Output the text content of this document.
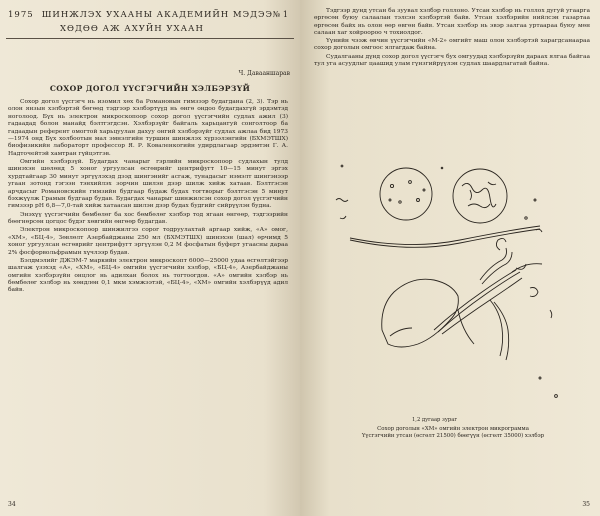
1975 ШИНЖЛЭХ УХААНЫ АКАДЕМИЙН МЭДЭЭ № 1
ХӨДӨӨ АЖ АХУЙН УХААН
Ч. Давааншарав
СОХОР ДОГОЛ ҮҮСГЭГЧИЙН ХЭЛБЭРЗҮЙ

Сохор догол үүсгэгч нь изомил хөх ба Романовын гимзээр будагдана (2, 3). Тэр нь олон янзын хэлбэртэй бөгөөд тэдгээр хэлбэртүүд нь өнгө ондоо будагдахгүй эрдэмтэд ноголоод. Бүх нь электрон микроскопоор сохор догол үүсгэгчийн судлах ажил (3) гадаадад болон манайд бэлтгэгдсэн. Хэлбэрзүйг байгаль харьцангуй сонголтоор ба гадаадын референт омогтой харьцуулан дахуу онгий хэлбэрзүйг судлах ажлаа бид 1973—1974 онд Бүх холбоотын мал эмнэлгийн туршин шинжлэх хүрээлэнгийн (БХМЭТШХ) биофизикийн лабораторт профессор Я. Р. Коваленкогийн удирдлагаар эрдэмтэн Г. А. Надточейтэй хамтран гүйцэтгэв.

Омгийн хэлбэрзүй. Будагдах чанарыг гэрлийн микроскопоор судлахын тулд шинэхэн шөлөнд 5 хоног ургуулсан өсгөврийг центрифугт 10—15 минут эргэх хурдтайгаар 30 минут эргүүлэхэд дээд шингэнийг асгаж, тунадасыг нэмэлт шингэнээр угаан зотонд гэгээн тэнхийлэх зорчин шилэн дээр шилж хийж хатаав. Бэлтгэсэн арчдасыг Романовскийн гимзийн будгаар будаж будах тогтворыг бэлтгэсэн 5 минут бэхжүүлж Грамын будгаар будав. Будагдах чанарыг шинжилсэн сохор догол үүсгэгчийн гимзээр рН 6,8—7,0-тай хийж хатаасан шилэн дээр будах будгийг сийрүүлэн будна.

Энэхүү үүсгэгчийн бөмбөлөг ба хос бөмбөлөг хэлбэр тод ягаан өнгөөр, тэдгээрийн бөөгнөрсөн цогцос бүдэг хөвгийн өнгөөр будагдав.

Электрон микроскопоор шинжилгээ сорог тодруулахтай аргаар хийж, «А» омог, «ХМ», «БЦ-4», Зөвлөлт Азербайджаны 250 мл (БХМЭТШХ) шинэхэн (шал) өрчимд 5 хоног ургуулсан өсгөврийг центрифугт эргүүлэн 0,2 М фосфатын буферт угаасны дараа 2% фосфорвольфрамын хүчлээр будав.

Бэлдмэлийг ДЖЭМ-7 маркийн электрон микроскопт 6000—25000 удаа өсгөлтэйгээр шалгаж үзэхэд «А», «ХМ», «БЦ-4» омгийн үүсгэгчийн хэлбэр, «БЦ-4», Азербайджаны омгийн хэлбэрзүйн онцлог нь адилхан болох нь тогтоогдов. «А» омгийн хэлбэр нь бөмбөлөг хэлбэр нь хөндлөн 0,1 мкм хэмжээтэй, «БЦ-4», «ХМ» омгийн хэлбэрүүд адил байв.

34

Тэдгээр дунд утсан ба зуувал хэлбэр голлоно. Утсан хэлбэр нь голлох дугуй угаарга өргөсөн буюу салаалан тэлсэн хэлбэртэй байв. Утсан хэлбэрийн нийлсэн газартаа өргөсөн байх нь олон өөр өвгөн байв. Утсан хэлбэр нь эвэр залгаа уртаараа буюу мөн салаан хаг хойроороо ч тохиолдог.

Үүнийн чээж өвчин үүсгэгчийн «М-2» омгийт маш олон хэлбэртэй харагдсанаараа сохор доголын омгоос ялгагдаж байна.

Судалгааны дүнд сохор догол үүсгэгч бух омгуудад хэлбэрзүйн дараах ялгаа байгаа тул уга асуудлыг цаашид улам гүнзгийрүүлэн судлах шаардлагатай байна.

1,2 дугаар зураг
Сохор доголын «ХМ» омгийн электрон микрограмма
Үүсгэгчийн утсан (өсгөлт 21500) бөөгүүн (өсгөлт 35000) хэлбэр
35
